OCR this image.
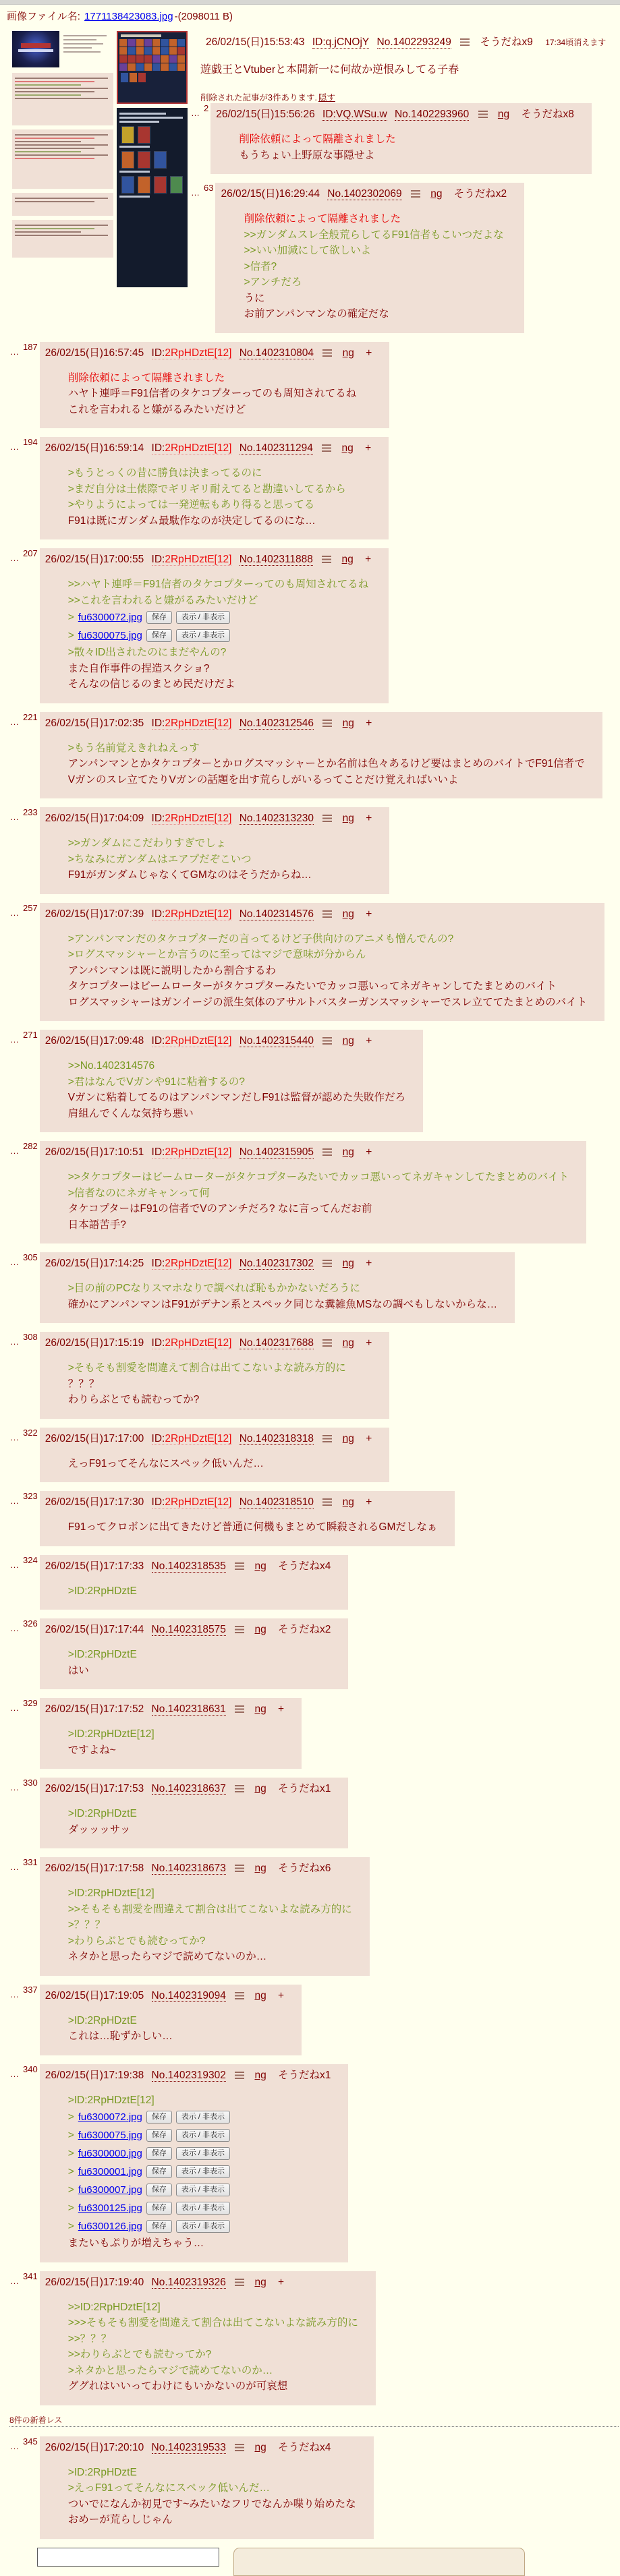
画像ファイル名: 1771138423083.jpg -(2098011 B)
26/02/15(日)15:53:43 ID:q.jCNOjY No.1402293249	そうだねx9 17:34頃消えます
遊戯王とVtuberと本間新一に何故か逆恨みしてる子春
削除された記事が3件あります. 隠す
… $^2$
26/02/15(日)15:56:26 ID:VQ.WSu.w No.1402293960	ng そうだねx8
削除依頼によって隔離されました
もうちょい上野原な事隠せよ
… $^{63}$
26/02/15(日)16:29:44 No.1402302069	ng そうだねx2
削除依頼によって隔離されました
>>ガンダムスレ全般荒らしてるF91信者もこいつだよな
>>いい加減にして欲しいよ
>信者?
>アンチだろ
うに
お前アンパンマンなの確定だな
… $^{187}$
26/02/15(日)16:57:45 ID:2RpHDztE[12] No.1402310804	ng +
削除依頼によって隔離されました
ハヤト連呼＝F91信者のタケコプターってのも周知されてるね
これを言われると嫌がるみたいだけど
… $^{194}$
26/02/15(日)16:59:14 ID:2RpHDztE[12] No.1402311294	ng +
>もうとっくの昔に勝負は決まってるのに
>まだ自分は土俵際でギリギリ耐えてると勘違いしてるから
>やりようによっては一発逆転もあり得ると思ってる
F91は既にガンダム最駄作なのが決定してるのにな…
… $^{207}$
26/02/15(日)17:00:55 ID:2RpHDztE[12] No.1402311888	ng +
>>ハヤト連呼＝F91信者のタケコプターってのも周知されてるね
>>これを言われると嫌がるみたいだけど
> fu6300072.jpg	保存	表示 / 非表示
> fu6300075.jpg	保存	表示 / 非表示
>散々ID出されたのにまだやんの?
また自作事件の捏造スクショ?
そんなの信じるのまとめ民だけだよ
… $^{221}$
26/02/15(日)17:02:35 ID:2RpHDztE[12] No.1402312546	ng +
>もう名前覚えきれねえっす
アンパンマンとかタケコプターとかログスマッシャーとか名前は色々あるけど要はまとめのバイトでF91信者で
Vガンのスレ立てたりVガンの話題を出す荒らしがいるってことだけ覚えればいいよ
… $^{233}$
26/02/15(日)17:04:09 ID:2RpHDztE[12] No.1402313230	ng +
>>ガンダムにこだわりすぎでしょ
>ちなみにガンダムはエアプだぞこいつ
F91がガンダムじゃなくてGMなのはそうだからね…
… $^{257}$
26/02/15(日)17:07:39 ID:2RpHDztE[12] No.1402314576	ng +
>アンパンマンだのタケコプターだの言ってるけど子供向けのアニメも憎んでんの?
>ログスマッシャーとか言うのに至ってはマジで意味が分からん
アンパンマンは既に説明したから割合するわ
タケコプターはビームローターがタケコプターみたいでカッコ悪いってネガキャンしてたまとめのバイト
ログスマッシャーはガンイージの派生気体のアサルトバスターガンスマッシャーでスレ立ててたまとめのバイト
… $^{271}$
26/02/15(日)17:09:48 ID:2RpHDztE[12] No.1402315440	ng +
>>No.1402314576
>君はなんでVガンや91に粘着するの?
Vガンに粘着してるのはアンパンマンだしF91は監督が認めた失敗作だろ
肩組んでくんな気持ち悪い
… $^{282}$
26/02/15(日)17:10:51 ID:2RpHDztE[12] No.1402315905	ng +
>>タケコプターはビームローターがタケコプターみたいでカッコ悪いってネガキャンしてたまとめのバイト
>信者なのにネガキャンって何
タケコプターはF91の信者でVのアンチだろ? なに言ってんだお前
日本語苦手?
… $^{305}$
26/02/15(日)17:14:25 ID:2RpHDztE[12] No.1402317302	ng +
>目の前のPCなりスマホなりで調べれば恥もかかないだろうに
確かにアンパンマンはF91がデナン系とスペック同じな糞雑魚MSなの調べもしないからな…
… $^{308}$
26/02/15(日)17:15:19 ID:2RpHDztE[12] No.1402317688	ng +
>そもそも割愛を間違えて割合は出てこないよな読み方的に
？？？
わりらぶとでも読むってか?
… $^{322}$
26/02/15(日)17:17:00 ID:2RpHDztE[12] No.1402318318	ng +
えっF91ってそんなにスペック低いんだ…
… $^{323}$
26/02/15(日)17:17:30 ID:2RpHDztE[12] No.1402318510	ng +
F91ってクロボンに出てきたけど普通に何機もまとめて瞬殺されるGMだしなぁ
… $^{324}$
26/02/15(日)17:17:33 No.1402318535	ng そうだねx4
>ID:2RpHDztE
… $^{326}$
26/02/15(日)17:17:44 No.1402318575	ng そうだねx2
>ID:2RpHDztE
はい
… $^{329}$
26/02/15(日)17:17:52 No.1402318631	ng +
>ID:2RpHDztE[12]
ですよね~
… $^{330}$
26/02/15(日)17:17:53 No.1402318637	ng そうだねx1
>ID:2RpHDztE
ダッッッサッ
… $^{331}$
26/02/15(日)17:17:58 No.1402318673	ng そうだねx6
>ID:2RpHDztE[12]
>>そもそも割愛を間違えて割合は出てこないよな読み方的に
>？？？
>わりらぶとでも読むってか?
ネタかと思ったらマジで読めてないのか…
… $^{337}$
26/02/15(日)17:19:05 No.1402319094	ng +
>ID:2RpHDztE
これは…恥ずかしい…
… $^{340}$
26/02/15(日)17:19:38 No.1402319302	ng そうだねx1
>ID:2RpHDztE[12]
> fu6300072.jpg	保存	表示 / 非表示
> fu6300075.jpg	保存	表示 / 非表示
> fu6300000.jpg	保存	表示 / 非表示
> fu6300001.jpg	保存	表示 / 非表示
> fu6300007.jpg	保存	表示 / 非表示
> fu6300125.jpg	保存	表示 / 非表示
> fu6300126.jpg	保存	表示 / 非表示
またいもぷりが増えちゃう…
… $^{341}$
26/02/15(日)17:19:40 No.1402319326	ng +
>>ID:2RpHDztE[12]
>>>そもそも割愛を間違えて割合は出てこないよな読み方的に
>>？？？
>>わりらぶとでも読むってか?
>ネタかと思ったらマジで読めてないのか…
ググれはいいってわけにもいかないのが可哀想
8件の新着レス
… $^{345}$
26/02/15(日)17:20:10 No.1402319533	ng そうだねx4
>ID:2RpHDztE
>えっF91ってそんなにスペック低いんだ…
ついでになんか初見です~みたいなフリでなんか喋り始めたな
おめーが荒らしじゃん
